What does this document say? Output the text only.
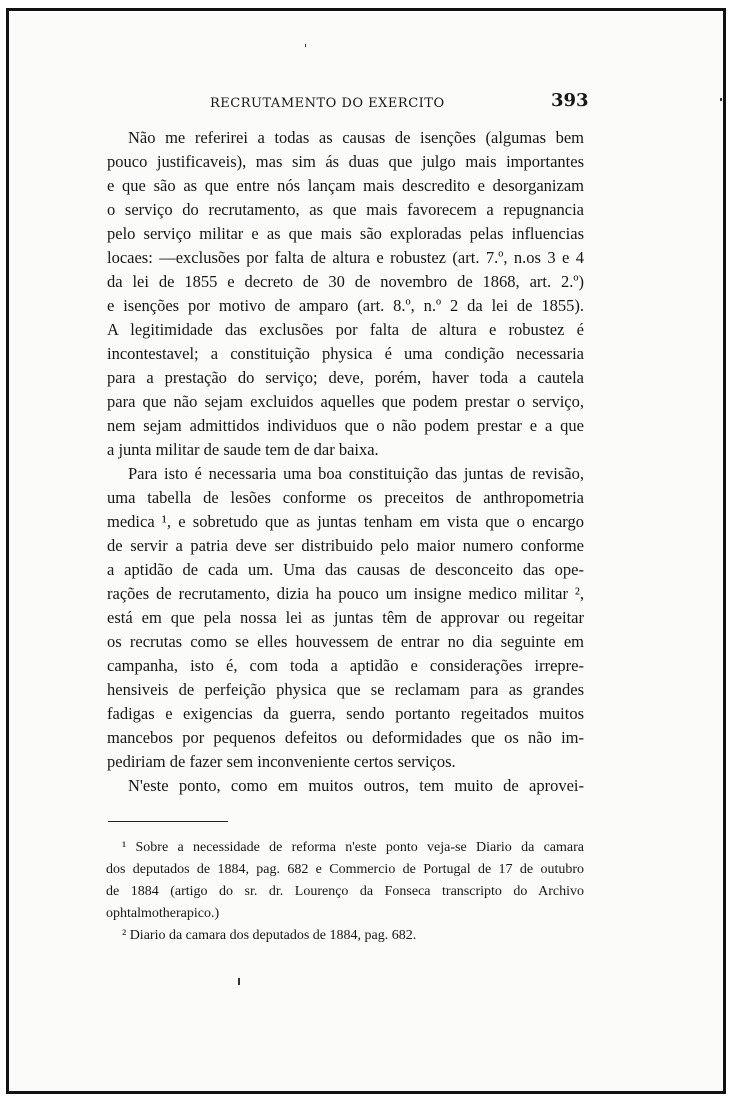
RECRUTAMENTO DO EXERCITO	393
Não me referirei a todas as causas de isenções (algumas bem
pouco justificaveis), mas sim ás duas que julgo mais importantes
e que são as que entre nós lançam mais descredito e desorganizam
o serviço do recrutamento, as que mais favorecem a repugnancia
pelo serviço militar e as que mais são exploradas pelas influencias
locaes: —exclusões por falta de altura e robustez (art. 7.º, n.os 3 e 4
da lei de 1855 e decreto de 30 de novembro de 1868, art. 2.º)
e isenções por motivo de amparo (art. 8.º, n.º 2 da lei de 1855).
A legitimidade das exclusões por falta de altura e robustez é
incontestavel; a constituição physica é uma condição necessaria
para a prestação do serviço; deve, porém, haver toda a cautela
para que não sejam excluidos aquelles que podem prestar o serviço,
nem sejam admittidos individuos que o não podem prestar e a que
a junta militar de saude tem de dar baixa.
Para isto é necessaria uma boa constituição das juntas de revisão,
uma tabella de lesões conforme os preceitos de anthropometria
medica ¹, e sobretudo que as juntas tenham em vista que o encargo
de servir a patria deve ser distribuido pelo maior numero conforme
a aptidão de cada um. Uma das causas de desconceito das ope-
rações de recrutamento, dizia ha pouco um insigne medico militar ²,
está em que pela nossa lei as juntas têm de approvar ou regeitar
os recrutas como se elles houvessem de entrar no dia seguinte em
campanha, isto é, com toda a aptidão e considerações irrepre-
hensiveis de perfeição physica que se reclamam para as grandes
fadigas e exigencias da guerra, sendo portanto regeitados muitos
mancebos por pequenos defeitos ou deformidades que os não im-
pediriam de fazer sem inconveniente certos serviços.
N'este ponto, como em muitos outros, tem muito de aprovei-
¹ Sobre a necessidade de reforma n'este ponto veja-se Diario da camara
dos deputados de 1884, pag. 682 e Commercio de Portugal de 17 de outubro
de 1884 (artigo do sr. dr. Lourenço da Fonseca transcripto do Archivo
ophtalmotherapico.)
² Diario da camara dos deputados de 1884, pag. 682.
